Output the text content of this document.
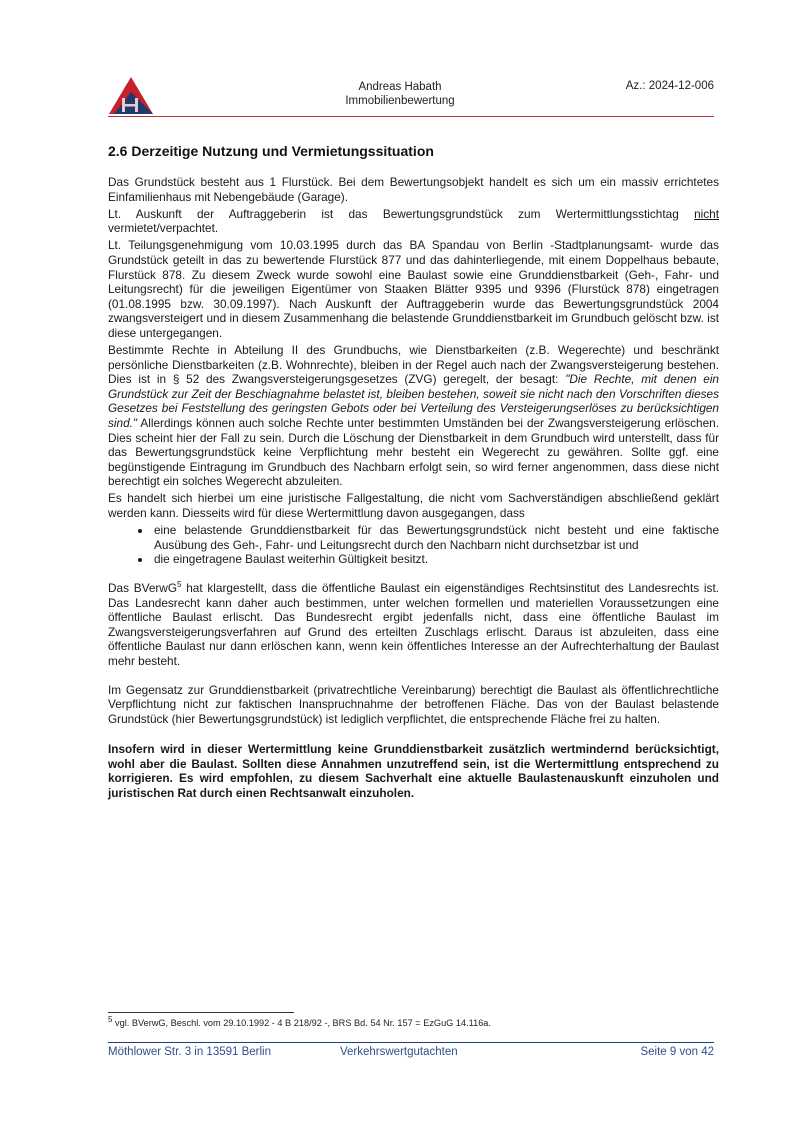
Andreas Habath
Immobilienbewertung
Az.: 2024-12-006
2.6 Derzeitige Nutzung und Vermietungssituation

Das Grundstück besteht aus 1 Flurstück. Bei dem Bewertungsobjekt handelt es sich um ein massiv errichtetes Einfamilienhaus mit Nebengebäude (Garage).

Lt. Auskunft der Auftraggeberin ist das Bewertungsgrundstück zum Wertermittlungsstichtag nicht vermietet/verpachtet.

Lt. Teilungsgenehmigung vom 10.03.1995 durch das BA Spandau von Berlin -Stadtplanungsamt- wurde das Grundstück geteilt in das zu bewertende Flurstück 877 und das dahinterliegende, mit einem Doppelhaus bebaute, Flurstück 878. Zu diesem Zweck wurde sowohl eine Baulast sowie eine Grunddienstbarkeit (Geh-, Fahr- und Leitungsrecht) für die jeweiligen Eigentümer von Staaken Blätter 9395 und 9396 (Flurstück 878) eingetragen (01.08.1995 bzw. 30.09.1997). Nach Auskunft der Auftraggeberin wurde das Bewertungsgrundstück 2004 zwangsversteigert und in diesem Zusammenhang die belastende Grunddienstbarkeit im Grundbuch gelöscht bzw. ist diese untergegangen.

Bestimmte Rechte in Abteilung II des Grundbuchs, wie Dienstbarkeiten (z.B. Wegerechte) und beschränkt persönliche Dienstbarkeiten (z.B. Wohnrechte), bleiben in der Regel auch nach der Zwangsversteigerung bestehen. Dies ist in § 52 des Zwangsversteigerungsgesetzes (ZVG) geregelt, der besagt: "Die Rechte, mit denen ein Grundstück zur Zeit der Beschiagnahme belastet ist, bleiben bestehen, soweit sie nicht nach den Vorschriften dieses Gesetzes bei Feststellung des geringsten Gebots oder bei Verteilung des Versteigerungserlöses zu berücksichtigen sind." Allerdings können auch solche Rechte unter bestimmten Umständen bei der Zwangsversteigerung erlöschen. Dies scheint hier der Fall zu sein. Durch die Löschung der Dienstbarkeit in dem Grundbuch wird unterstellt, dass für das Bewertungsgrundstück keine Verpflichtung mehr besteht ein Wegerecht zu gewähren. Sollte ggf. eine begünstigende Eintragung im Grundbuch des Nachbarn erfolgt sein, so wird ferner angenommen, dass diese nicht berechtigt ein solches Wegerecht abzuleiten.

Es handelt sich hierbei um eine juristische Fallgestaltung, die nicht vom Sachverständigen abschließend geklärt werden kann. Diesseits wird für diese Wertermittlung davon ausgegangen, dass

• eine belastende Grunddienstbarkeit für das Bewertungsgrundstück nicht besteht und eine faktische Ausübung des Geh-, Fahr- und Leitungsrecht durch den Nachbarn nicht durchsetzbar ist und
• die eingetragene Baulast weiterhin Gültigkeit besitzt.

Das BVerwG$^5$ hat klargestellt, dass die öffentliche Baulast ein eigenständiges Rechtsinstitut des Landesrechts ist. Das Landesrecht kann daher auch bestimmen, unter welchen formellen und materiellen Voraussetzungen eine öffentliche Baulast erlischt. Das Bundesrecht ergibt jedenfalls nicht, dass eine öffentliche Baulast im Zwangsversteigerungsverfahren auf Grund des erteilten Zuschlags erlischt. Daraus ist abzuleiten, dass eine öffentliche Baulast nur dann erlöschen kann, wenn kein öffentliches Interesse an der Aufrechterhaltung der Baulast mehr besteht.

Im Gegensatz zur Grunddienstbarkeit (privatrechtliche Vereinbarung) berechtigt die Baulast als öffentlichrechtliche Verpflichtung nicht zur faktischen Inanspruchnahme der betroffenen Fläche. Das von der Baulast belastende Grundstück (hier Bewertungsgrundstück) ist lediglich verpflichtet, die entsprechende Fläche frei zu halten.

Insofern wird in dieser Wertermittlung keine Grunddienstbarkeit zusätzlich wertmindernd berücksichtigt, wohl aber die Baulast. Sollten diese Annahmen unzutreffend sein, ist die Wertermittlung entsprechend zu korrigieren. Es wird empfohlen, zu diesem Sachverhalt eine aktuelle Baulastenauskunft einzuholen und juristischen Rat durch einen Rechtsanwalt einzuholen.

$^5$ vgl. BVerwG, Beschl. vom 29.10.1992 - 4 B 218/92 -, BRS Bd. 54 Nr. 157 = EzGuG 14.116a.
Möthlower Str. 3 in 13591 Berlin	Verkehrswertgutachten	Seite 9 von 42
